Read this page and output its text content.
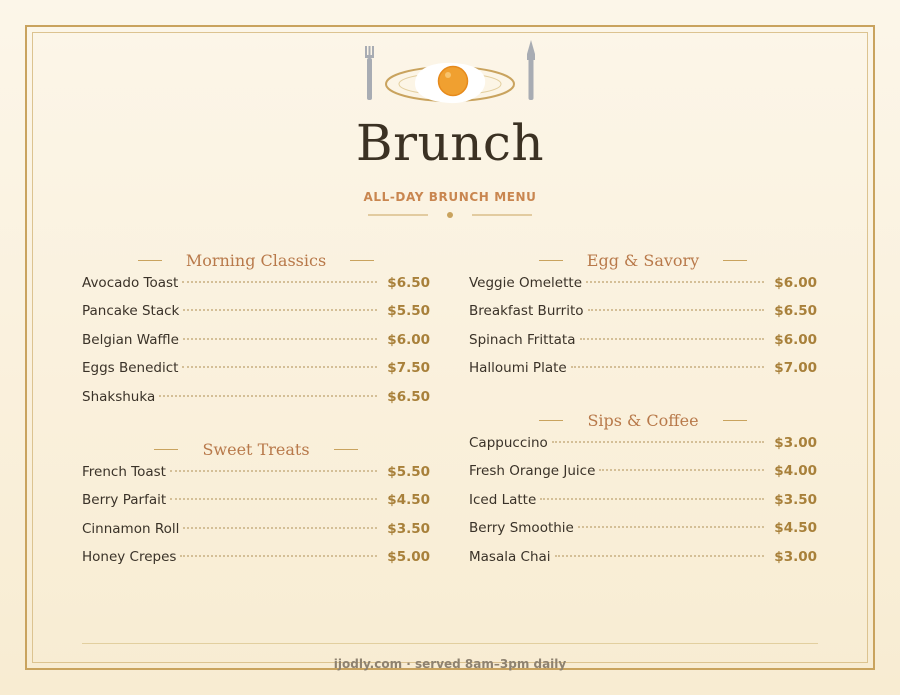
Brunch
ALL-DAY BRUNCH MENU
Morning Classics
Avocado Toast	$6.50
Pancake Stack	$5.50
Belgian Waffle	$6.00
Eggs Benedict	$7.50
Shakshuka	$6.50
Sweet Treats
French Toast	$5.50
Berry Parfait	$4.50
Cinnamon Roll	$3.50
Honey Crepes	$5.00
Egg & Savory
Veggie Omelette	$6.00
Breakfast Burrito	$6.50
Spinach Frittata	$6.00
Halloumi Plate	$7.00
Sips & Coffee
Cappuccino	$3.00
Fresh Orange Juice	$4.00
Iced Latte	$3.50
Berry Smoothie	$4.50
Masala Chai	$3.00
ijodly.com · served 8am–3pm daily
